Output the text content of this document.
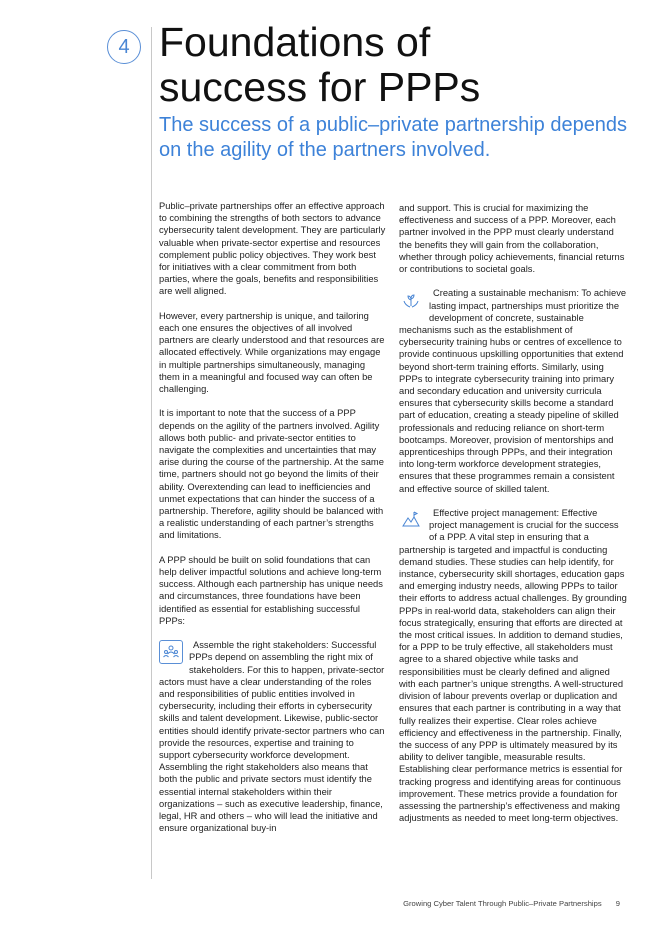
4 Foundations of
success for PPPs

The success of a public–private partnership depends on the agility of the partners involved.

Public–private partnerships offer an effective approach to combining the strengths of both sectors to advance cybersecurity talent development. They are particularly valuable when private-sector expertise and resources complement public policy objectives. They work best for initiatives with a clear commitment from both parties, where the goals, benefits and responsibilities are well aligned.

However, every partnership is unique, and tailoring each one ensures the objectives of all involved partners are clearly understood and that resources are allocated effectively. While organizations may engage in multiple partnerships simultaneously, managing them in a meaningful and focused way can often be challenging.

It is important to note that the success of a PPP depends on the agility of the partners involved. Agility allows both public- and private-sector entities to navigate the complexities and uncertainties that may arise during the course of the partnership. At the same time, partners should not go beyond the limits of their ability. Overextending can lead to inefficiencies and unmet expectations that can hinder the success of a partnership. Therefore, agility should be balanced with a realistic understanding of each partner’s strengths and limitations.

A PPP should be built on solid foundations that can help deliver impactful solutions and achieve long-term success. Although each partnership has unique needs and circumstances, three foundations have been identified as essential for establishing successful PPPs:

Assemble the right stakeholders: Successful PPPs depend on assembling the right mix of stakeholders. For this to happen, private-sector actors must have a clear understanding of the roles and responsibilities of public entities involved in cybersecurity, including their efforts in cybersecurity skills and talent development. Likewise, public-sector entities should identify private-sector partners who can provide the resources, expertise and training to support cybersecurity workforce development. Assembling the right stakeholders also means that both the public and private sectors must identify the essential internal stakeholders within their organizations – such as executive leadership, finance, legal, HR and others – who will lead the initiative and ensure organizational buy-in

and support. This is crucial for maximizing the effectiveness and success of a PPP. Moreover, each partner involved in the PPP must clearly understand the benefits they will gain from the collaboration, whether through policy achievements, financial returns or contributions to societal goals.

Creating a sustainable mechanism: To achieve lasting impact, partnerships must prioritize the development of concrete, sustainable mechanisms such as the establishment of cybersecurity training hubs or centres of excellence to provide continuous upskilling opportunities that extend beyond short-term training efforts. Similarly, using PPPs to integrate cybersecurity training into primary and secondary education and university curricula ensures that cybersecurity skills become a standard part of education, creating a steady pipeline of skilled professionals and reducing reliance on short-term bootcamps. Moreover, provision of mentorships and apprenticeships through PPPs, and their integration into long-term workforce development strategies, ensures that these programmes remain a consistent and effective source of skilled talent.

Effective project management: Effective project management is crucial for the success of a PPP. A vital step in ensuring that a partnership is targeted and impactful is conducting demand studies. These studies can help identify, for instance, cybersecurity skill shortages, education gaps and emerging industry needs, allowing PPPs to tailor their efforts to address actual challenges. By grounding PPPs in real-world data, stakeholders can align their focus strategically, ensuring that efforts are directed at the most critical issues. In addition to demand studies, for a PPP to be truly effective, all stakeholders must agree to a shared objective while tasks and responsibilities must be clearly defined and aligned with each partner’s unique strengths. A well-structured division of labour prevents overlap or duplication and ensures that each partner is contributing in a way that fully realizes their expertise. Clear roles achieve efficiency and effectiveness in the partnership. Finally, the success of any PPP is ultimately measured by its ability to deliver tangible, measurable results. Establishing clear performance metrics is essential for tracking progress and identifying areas for continuous improvement. These metrics provide a foundation for assessing the partnership’s effectiveness and making adjustments as needed to meet long-term objectives.

Growing Cyber Talent Through Public–Private Partnerships 9
